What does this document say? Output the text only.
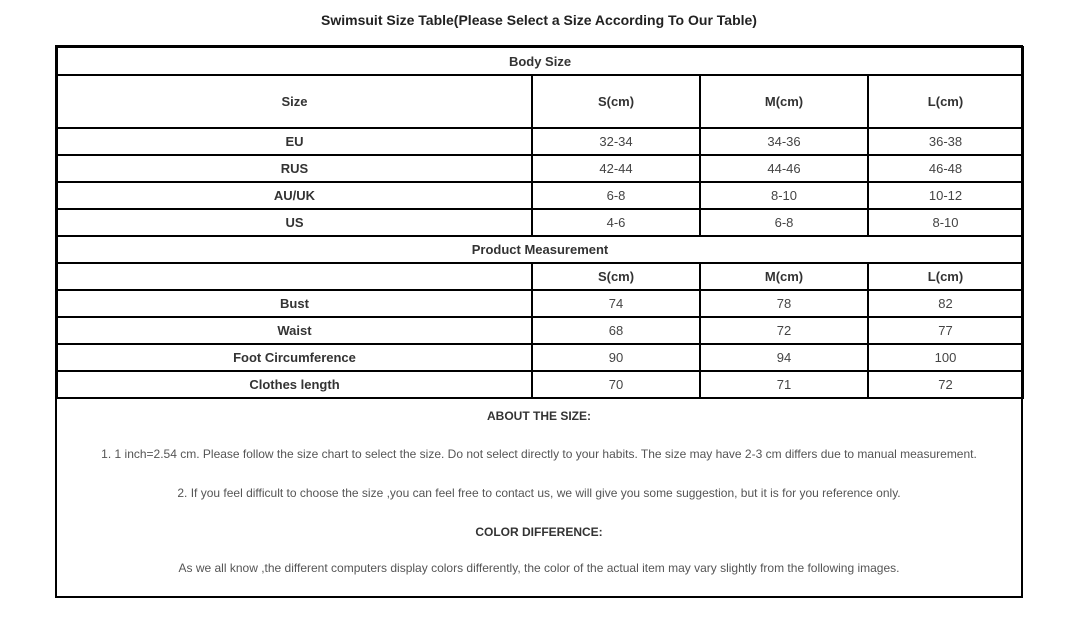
Swimsuit Size Table(Please Select a Size According To Our Table)
Body Size			
Size	S(cm)	M(cm)	L(cm)
EU	32-34	34-36	36-38
RUS	42-44	44-46	46-48
AU/UK	6-8	8-10	10-12
US	4-6	6-8	8-10
Product Measurement			
	S(cm)	M(cm)	L(cm)
Bust	74	78	82
Waist	68	72	77
Foot Circumference	90	94	100
Clothes length	70	71	72
ABOUT THE SIZE:
1. 1 inch=2.54 cm. Please follow the size chart to select the size. Do not select directly to your habits. The size may have 2-3 cm differs due to manual measurement.
2. If you feel difficult to choose the size ,you can feel free to contact us, we will give you some suggestion, but it is for you reference only.
COLOR DIFFERENCE:
As we all know ,the different computers display colors differently, the color of the actual item may vary slightly from the following images.
